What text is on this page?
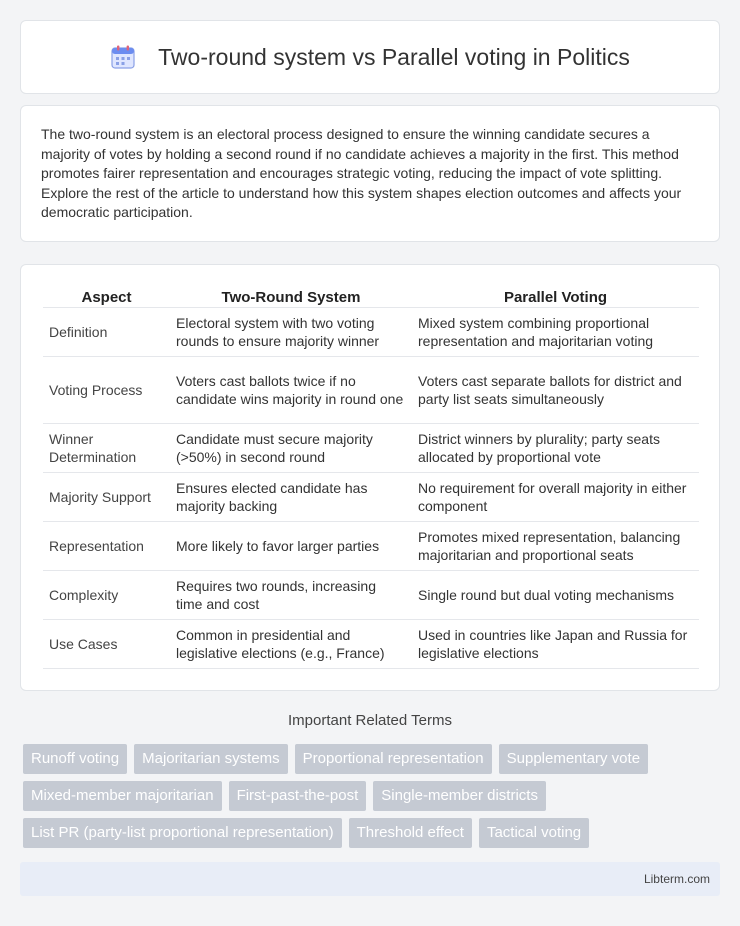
Two-round system vs Parallel voting in Politics

The two-round system is an electoral process designed to ensure the winning candidate secures a majority of votes by holding a second round if no candidate achieves a majority in the first. This method promotes fairer representation and encourages strategic voting, reducing the impact of vote splitting. Explore the rest of the article to understand how this system shapes election outcomes and affects your democratic participation.

Aspect	Two-Round System	Parallel Voting
Definition	Electoral system with two voting rounds to ensure majority winner	Mixed system combining proportional representation and majoritarian voting
Voting Process	Voters cast ballots twice if no candidate wins majority in round one	Voters cast separate ballots for district and party list seats simultaneously
Winner Determination	Candidate must secure majority (>50%) in second round	District winners by plurality; party seats allocated by proportional vote
Majority Support	Ensures elected candidate has majority backing	No requirement for overall majority in either component
Representation	More likely to favor larger parties	Promotes mixed representation, balancing majoritarian and proportional seats
Complexity	Requires two rounds, increasing time and cost	Single round but dual voting mechanisms
Use Cases	Common in presidential and legislative elections (e.g., France)	Used in countries like Japan and Russia for legislative elections
Important Related Terms
Runoff voting	Majoritarian systems	Proportional representation	Supplementary vote
Mixed-member majoritarian	First-past-the-post	Single-member districts
List PR (party-list proportional representation)	Threshold effect	Tactical voting
Libterm.com
